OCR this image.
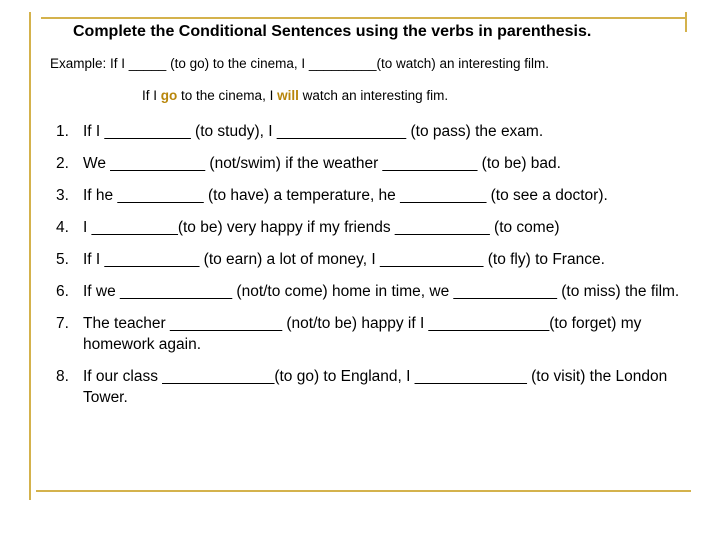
Complete the Conditional Sentences using the verbs in parenthesis.
Example: If I _____ (to go) to the cinema, I _________(to watch) an interesting film.
If I go to the cinema, I will watch an interesting fim.
1. If I __________ (to study), I _______________ (to pass) the exam.
2. We ___________ (not/swim) if the weather ___________ (to be) bad.
3. If he __________ (to have) a temperature, he __________ (to see a doctor).
4. I __________(to be) very happy if my friends ___________ (to come)
5. If I ___________ (to earn) a lot of money, I ____________ (to fly) to France.
6. If we _____________ (not/to come) home in time, we ____________ (to miss) the film.
7. The teacher _____________ (not/to be) happy if I ______________(to forget) my homework again.
8. If our class _____________(to go) to England, I _____________ (to visit) the London Tower.
